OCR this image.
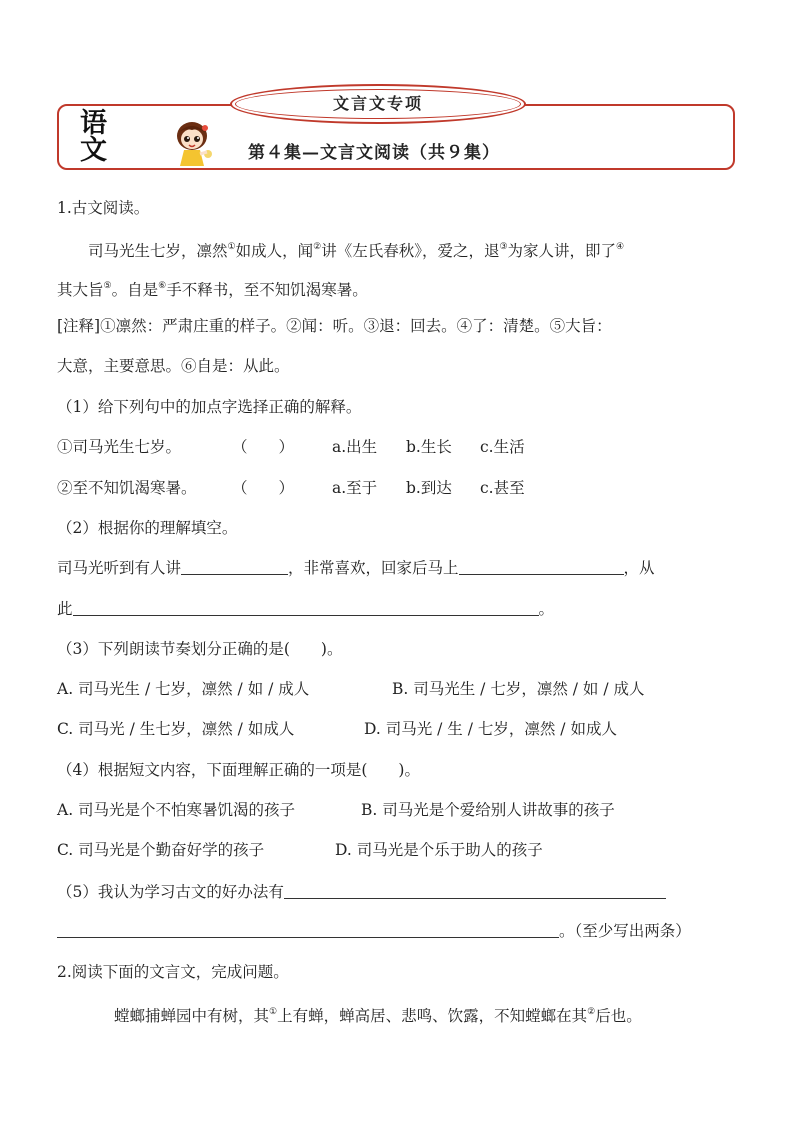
文言文专项
语
文	第４集—文言文阅读（共９集）
1.古文阅读。
司马光生七岁，凛然①如成人，闻②讲《左氏春秋》，爱之，退③为家人讲，即了④
其大旨⑤。自是⑥手不释书，至不知饥渴寒暑。
[注释]①凛然：严肃庄重的样子。②闻：听。③退：回去。④了：清楚。⑤大旨：
大意，主要意思。⑥自是：从此。
（1）给下列句中的加点字选择正确的解释。
①司马光生七岁。	（　　） a.出生 b.生长 c.生活
②至不知饥渴寒暑。 （　　） a.至于 b.到达 c.甚至
（2）根据你的理解填空。
司马光听到有人讲	，非常喜欢，回家后马上	，从
此	。
（3）下列朗读节奏划分正确的是(　　)。
A. 司马光生 / 七岁，凛然 / 如 / 成人	B. 司马光生 / 七岁，凛然 / 如 / 成人
C. 司马光 / 生七岁，凛然 / 如成人	D. 司马光 / 生 / 七岁，凛然 / 如成人
（4）根据短文内容，下面理解正确的一项是(　　)。
A. 司马光是个不怕寒暑饥渴的孩子	B. 司马光是个爱给别人讲故事的孩子
C. 司马光是个勤奋好学的孩子	D. 司马光是个乐于助人的孩子
（5）我认为学习古文的好办法有
。（至少写出两条）
2.阅读下面的文言文，完成问题。
螳螂捕蝉园中有树，其①上有蝉，蝉高居、悲鸣、饮露，不知螳螂在其②后也。
